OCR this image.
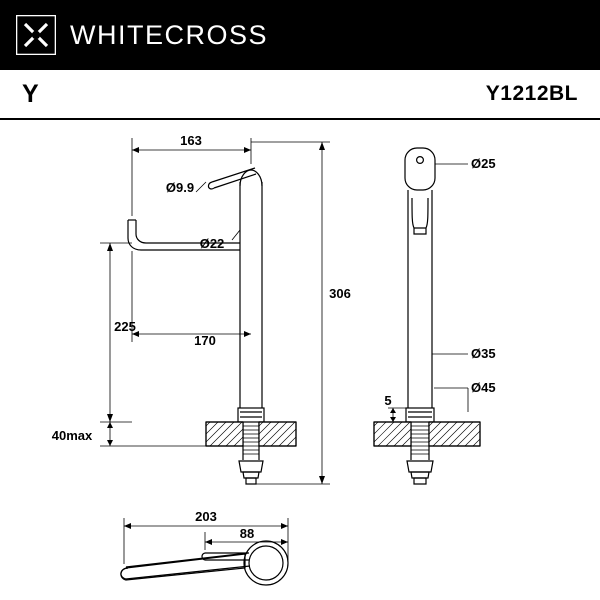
WHITECROSS
Y	Y1212BL
163
Ø9.9
Ø22
306
225
170
40max
Ø25
Ø35
Ø45
5
203
88
